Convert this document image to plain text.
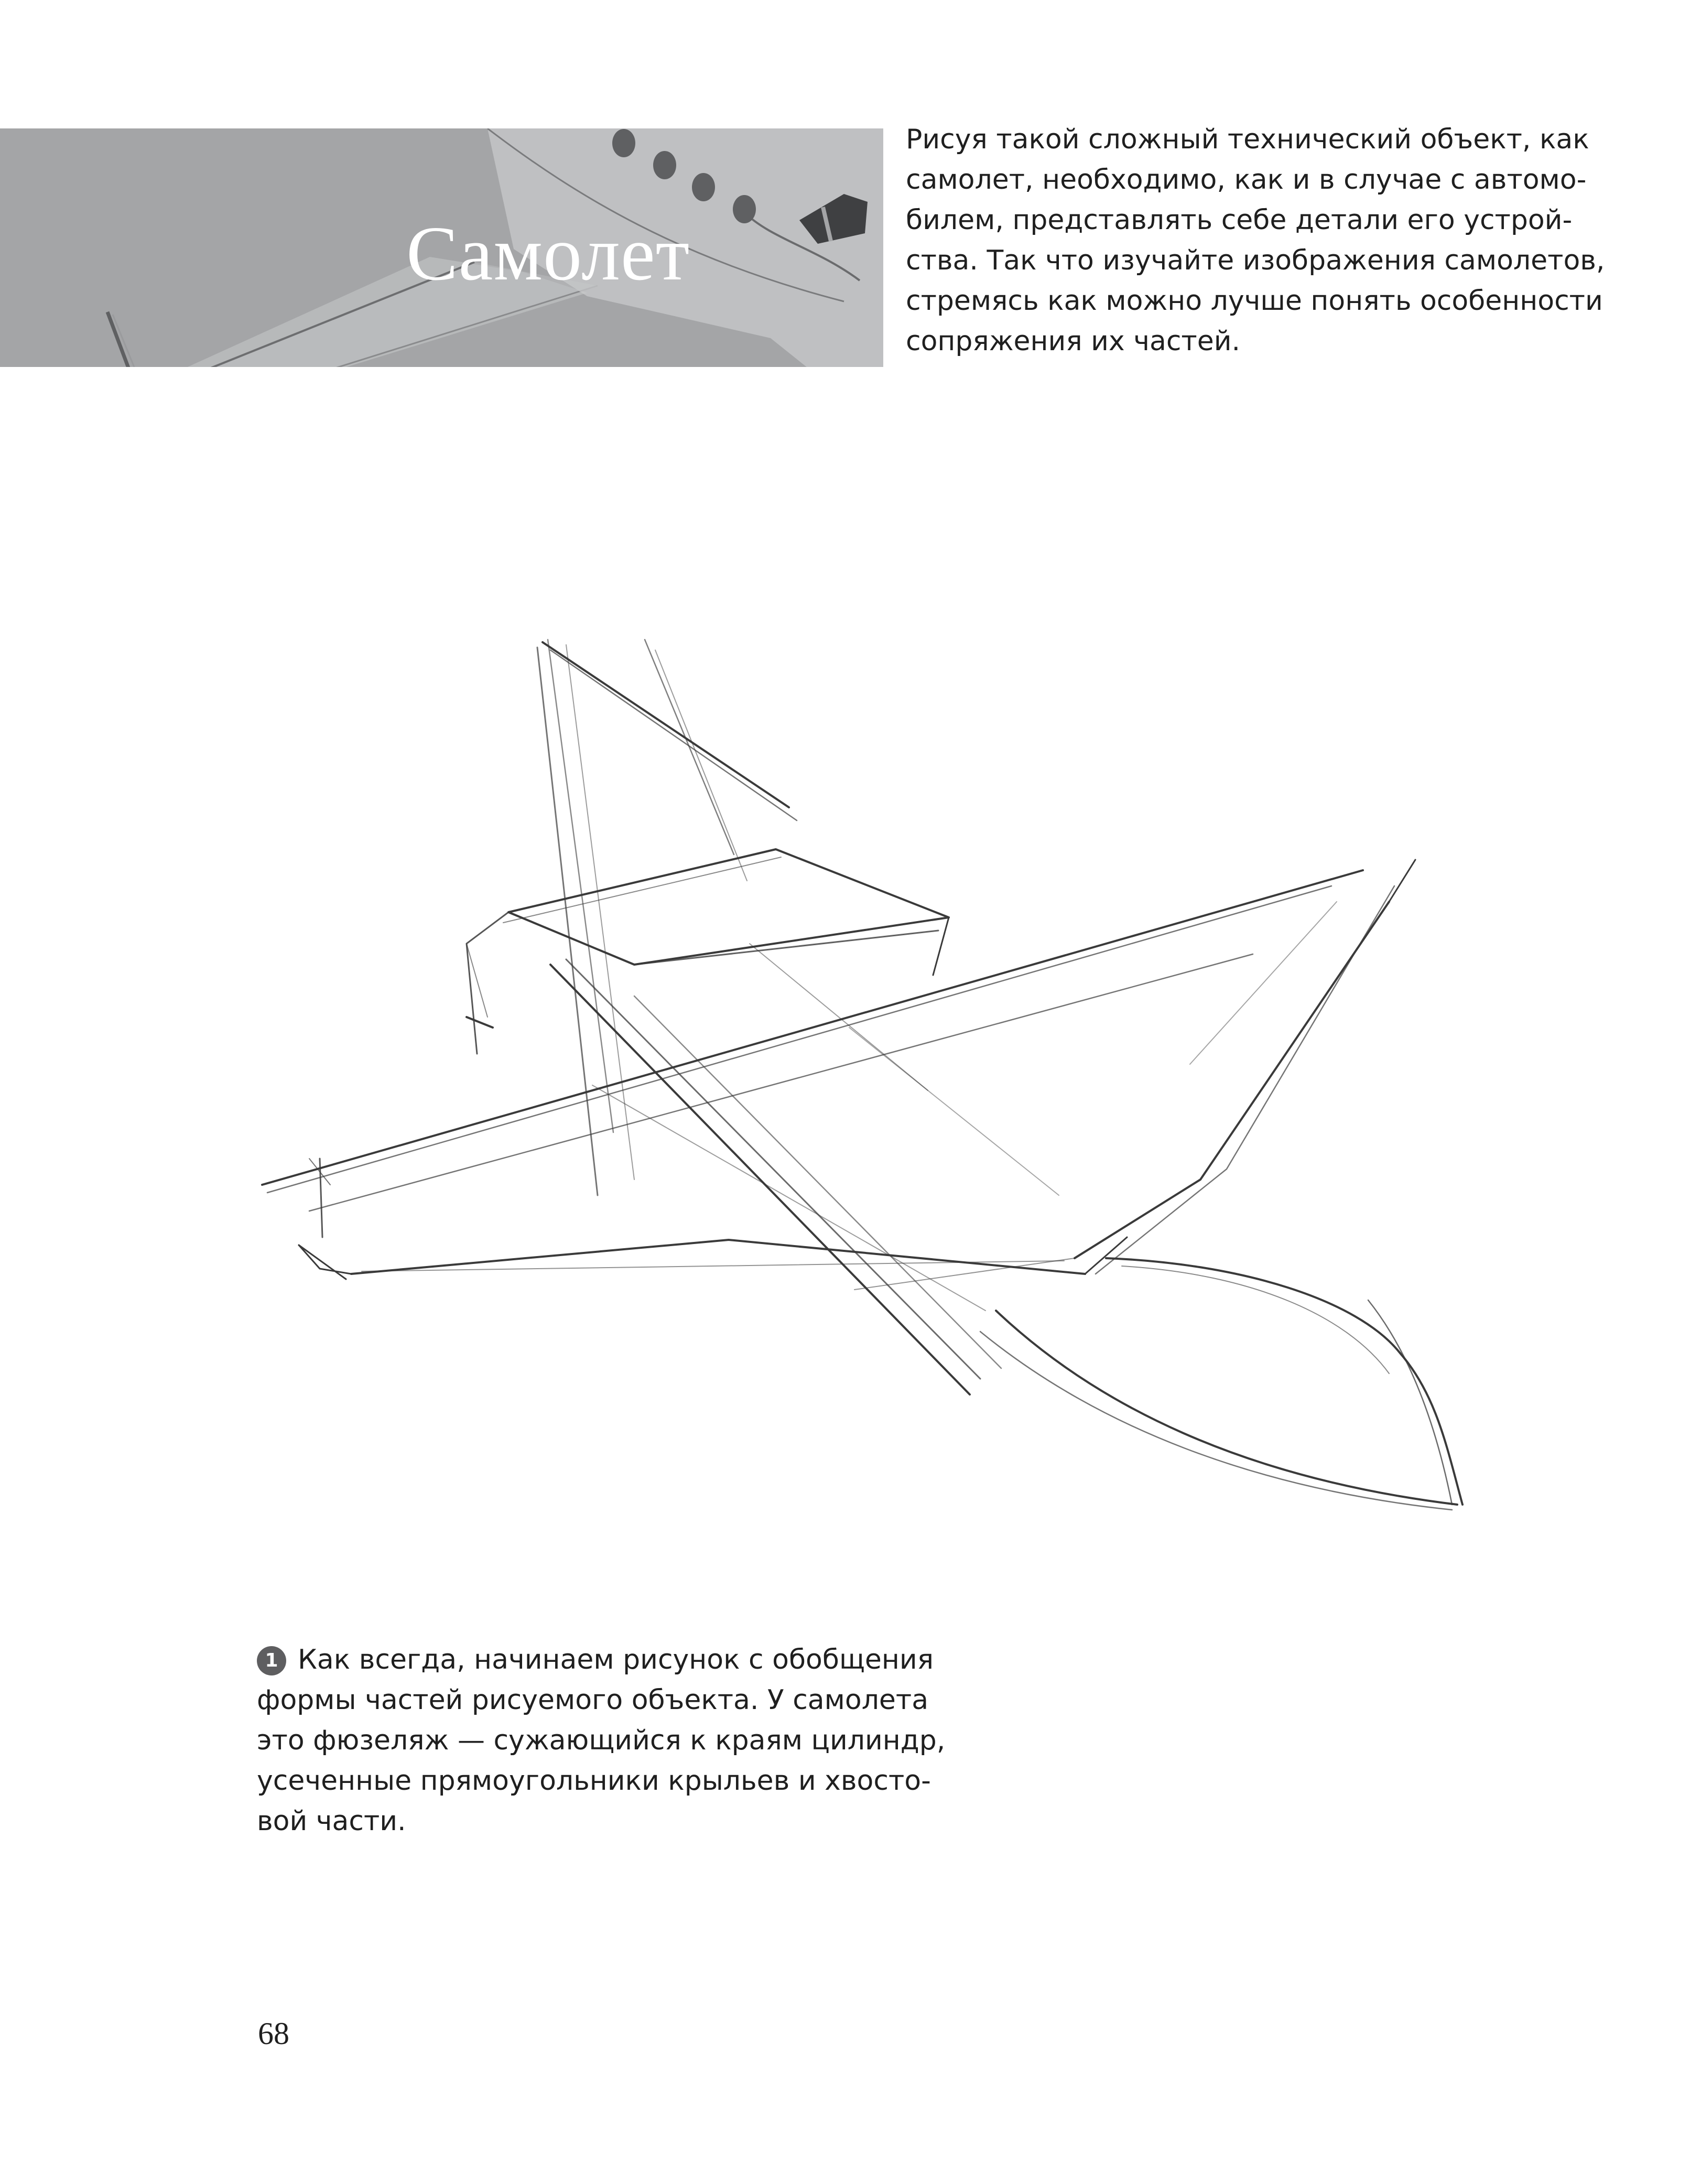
Самолет
Рисуя такой сложный технический объект, как
самолет, необходимо, как и в случае с автомо-
билем, представлять себе детали его устрой-
ства. Так что изучайте изображения самолетов,
стремясь как можно лучше понять особенности
сопряжения их частей.
1 Как всегда, начинаем рисунок с обобщения
формы частей рисуемого объекта. У самолета
это фюзеляж — сужающийся к краям цилиндр,
усеченные прямоугольники крыльев и хвосто-
вой части.
68
